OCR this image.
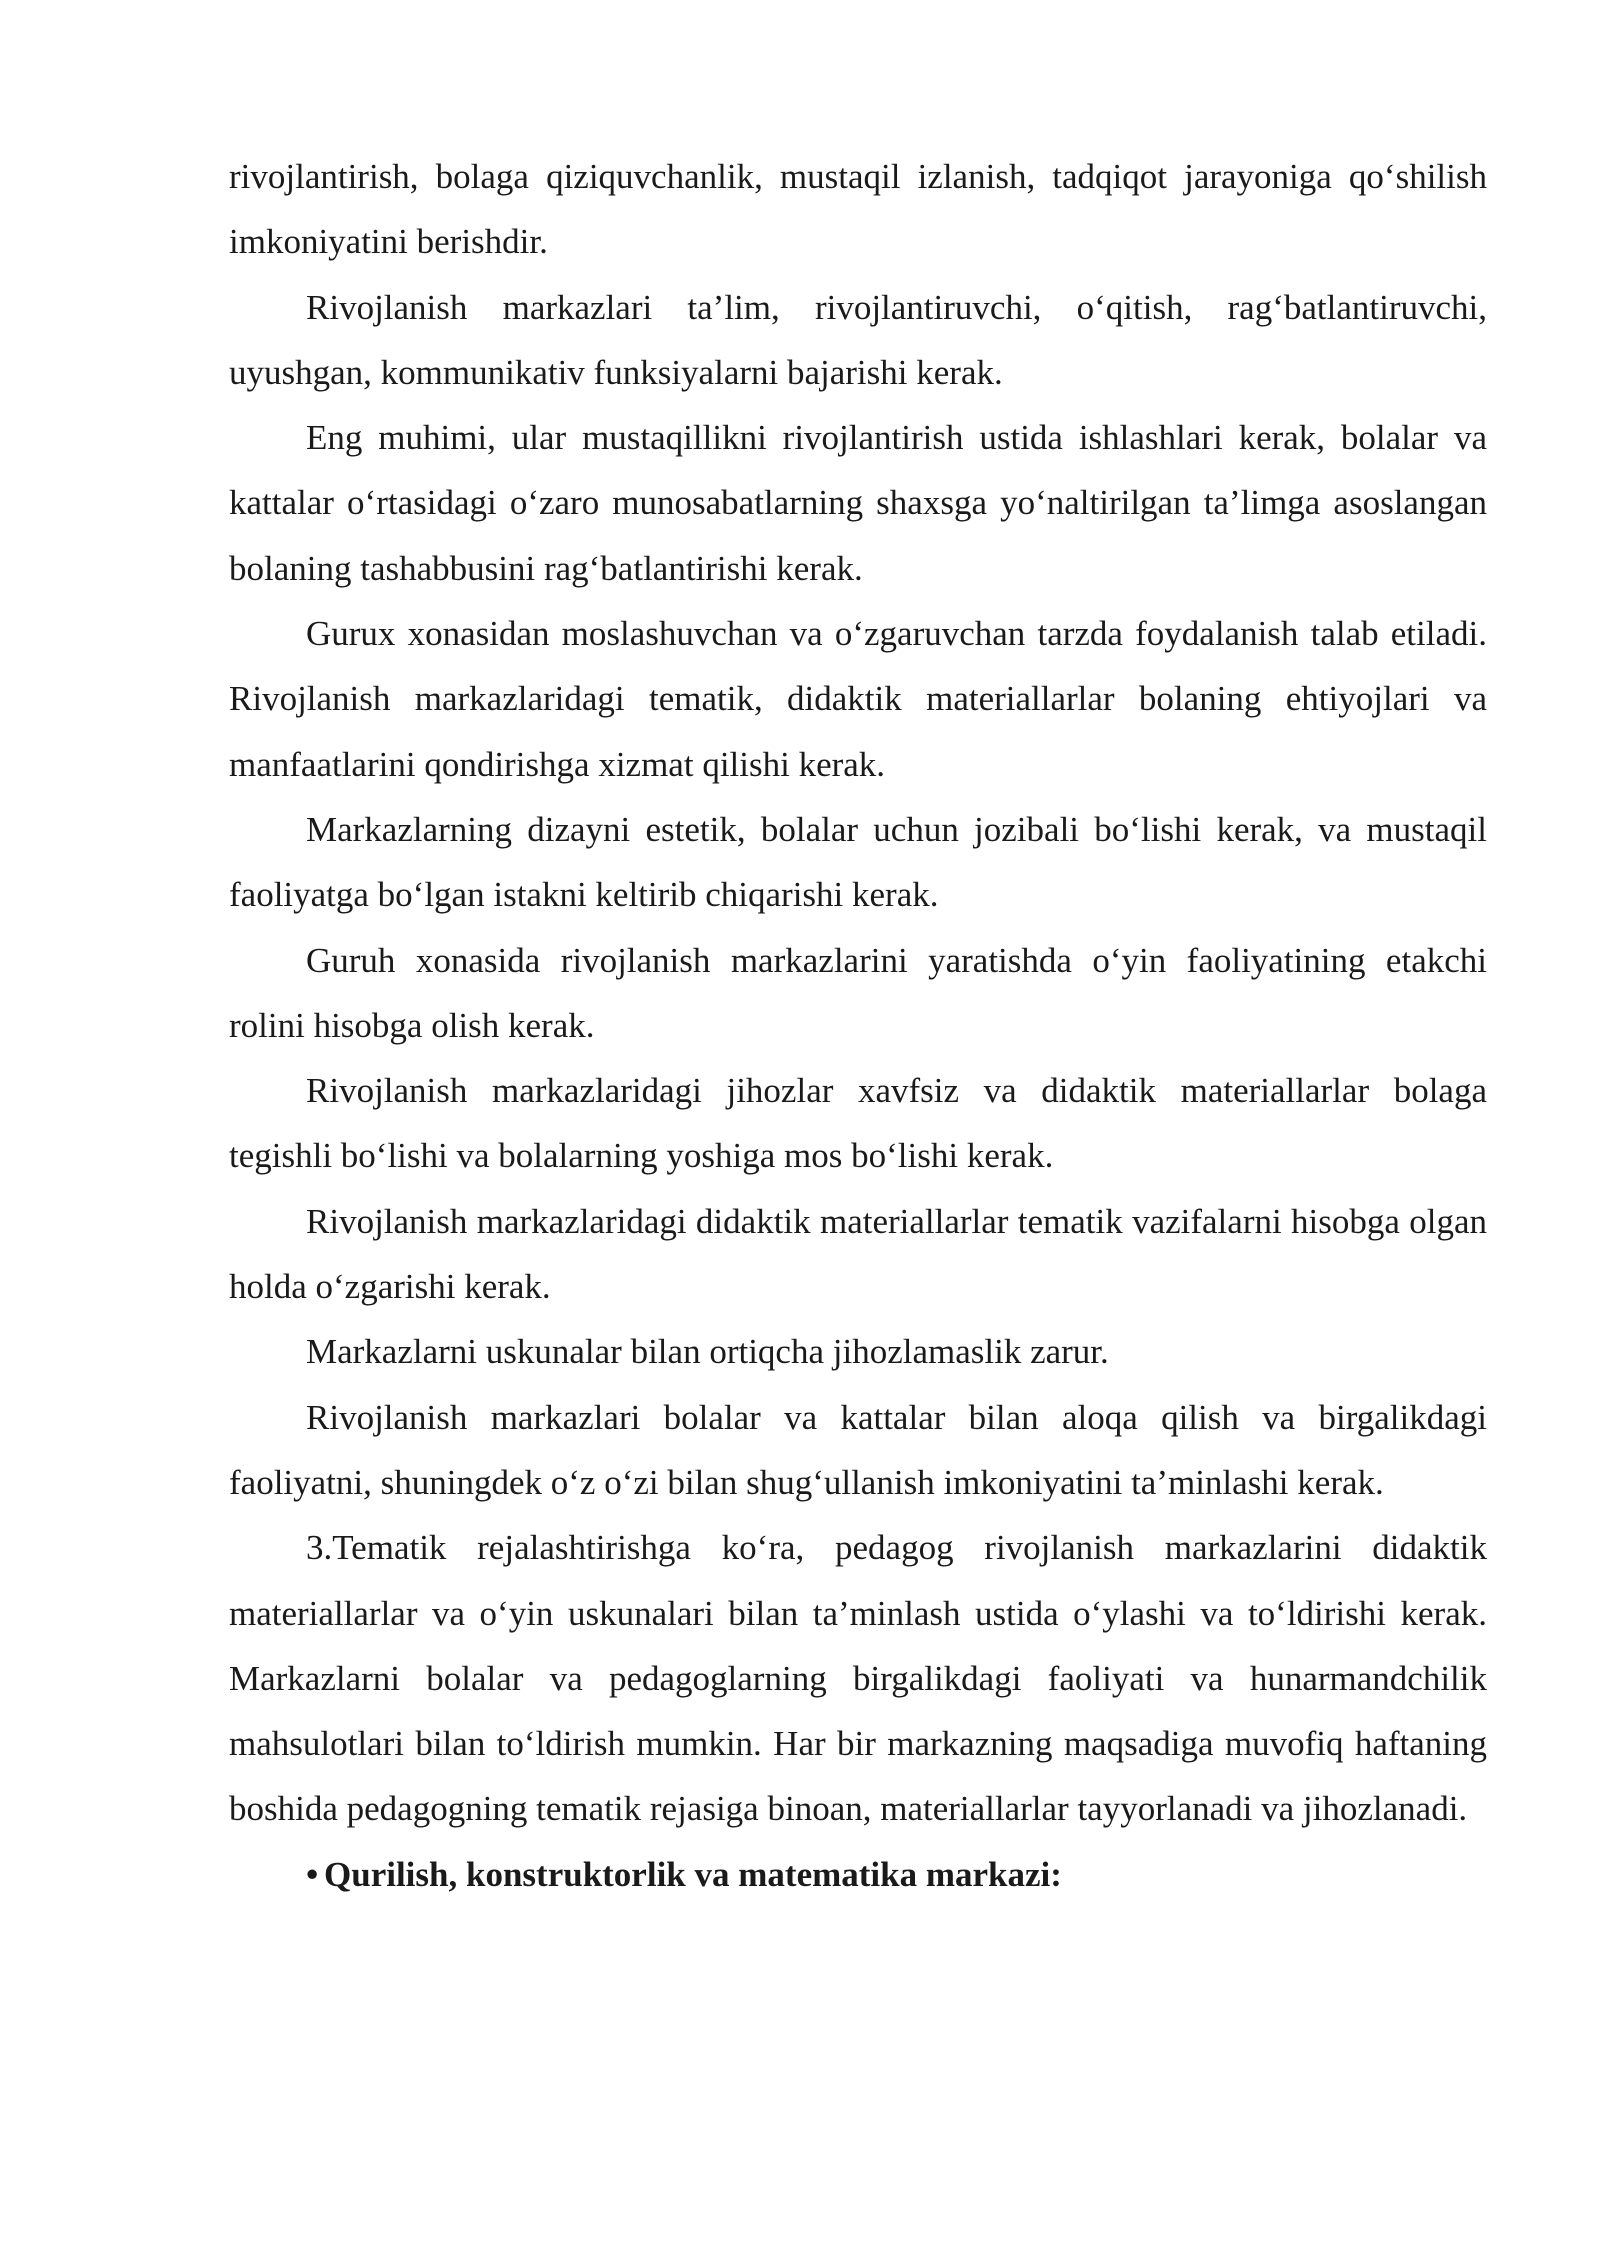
rivojlantirish, bolaga qiziquvchanlik, mustaqil izlanish, tadqiqot jarayoniga qo‘shilish imkoniyatini berishdir.

Rivojlanish markazlari ta’lim, rivojlantiruvchi, o‘qitish, rag‘batlantiruvchi, uyushgan, kommunikativ funksiyalarni bajarishi kerak.

Eng muhimi, ular mustaqillikni rivojlantirish ustida ishlashlari kerak, bolalar va kattalar o‘rtasidagi o‘zaro munosabatlarning shaxsga yo‘naltirilgan ta’limga asoslangan bolaning tashabbusini rag‘batlantirishi kerak.

Gurux xonasidan moslashuvchan va o‘zgaruvchan tarzda foydalanish talab etiladi. Rivojlanish markazlaridagi tematik, didaktik materiallarlar bolaning ehtiyojlari va manfaatlarini qondirishga xizmat qilishi kerak.

Markazlarning dizayni estetik, bolalar uchun jozibali bo‘lishi kerak, va mustaqil faoliyatga bo‘lgan istakni keltirib chiqarishi kerak.

Guruh xonasida rivojlanish markazlarini yaratishda o‘yin faoliyatining etakchi rolini hisobga olish kerak.

Rivojlanish markazlaridagi jihozlar xavfsiz va didaktik materiallarlar bolaga tegishli bo‘lishi va bolalarning yoshiga mos bo‘lishi kerak.

Rivojlanish markazlaridagi didaktik materiallarlar tematik vazifalarni hisobga olgan holda o‘zgarishi kerak.

Markazlarni uskunalar bilan ortiqcha jihozlamaslik zarur.

Rivojlanish markazlari bolalar va kattalar bilan aloqa qilish va birgalikdagi faoliyatni, shuningdek o‘z o‘zi bilan shug‘ullanish imkoniyatini ta’minlashi kerak.

3.Tematik rejalashtirishga ko‘ra, pedagog rivojlanish markazlarini didaktik materiallarlar va o‘yin uskunalari bilan ta’minlash ustida o‘ylashi va to‘ldirishi kerak. Markazlarni bolalar va pedagoglarning birgalikdagi faoliyati va hunarmandchilik mahsulotlari bilan to‘ldirish mumkin. Har bir markazning maqsadiga muvofiq haftaning boshida pedagogning tematik rejasiga binoan, materiallarlar tayyorlanadi va jihozlanadi.

• Qurilish, konstruktorlik va matematika markazi:
